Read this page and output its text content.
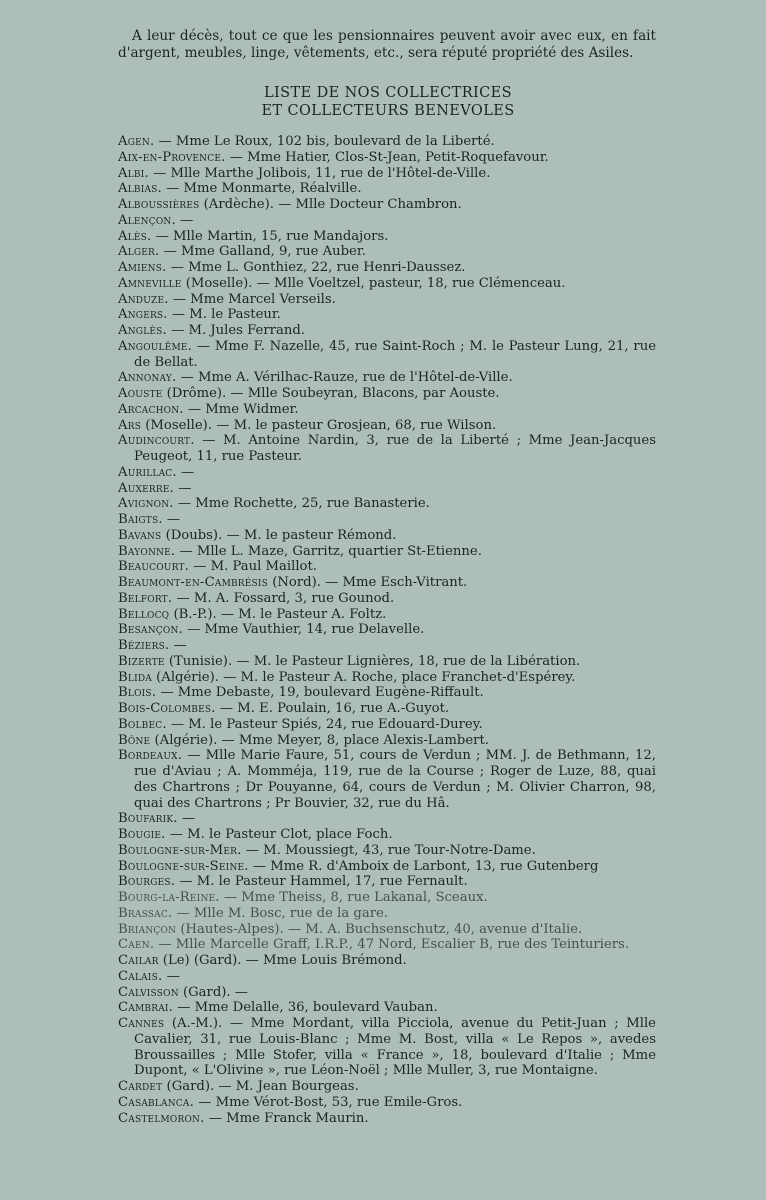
A leur décès, tout ce que les pensionnaires peuvent avoir avec eux, en fait d'argent, meubles, linge, vêtements, etc., sera réputé propriété des Asiles.

LISTE DE NOS COLLECTRICES
ET COLLECTEURS BENEVOLES
Agen. — Mme Le Roux, 102 bis, boulevard de la Liberté.
Aix-en-Provence. — Mme Hatier, Clos-St-Jean, Petit-Roquefavour.
Albi. — Mlle Marthe Jolibois, 11, rue de l'Hôtel-de-Ville.
Albias. — Mme Monmarte, Réalville.
Alboussières (Ardèche). — Mlle Docteur Chambron.
Alençon. —
Alès. — Mlle Martin, 15, rue Mandajors.
Alger. — Mme Galland, 9, rue Auber.
Amiens. — Mme L. Gonthiez, 22, rue Henri-Daussez.
Amneville (Moselle). — Mlle Voeltzel, pasteur, 18, rue Clémenceau.
Anduze. — Mme Marcel Verseils.
Angers. — M. le Pasteur.
Anglès. — M. Jules Ferrand.
Angoulême. — Mme F. Nazelle, 45, rue Saint-Roch ; M. le Pasteur Lung, 21, rue de Bellat.
Annonay. — Mme A. Vérilhac-Rauze, rue de l'Hôtel-de-Ville.
Aouste (Drôme). — Mlle Soubeyran, Blacons, par Aouste.
Arcachon. — Mme Widmer.
Ars (Moselle). — M. le pasteur Grosjean, 68, rue Wilson.
Audincourt. — M. Antoine Nardin, 3, rue de la Liberté ; Mme Jean-Jacques Peugeot, 11, rue Pasteur.
Aurillac. —
Auxerre. —
Avignon. — Mme Rochette, 25, rue Banasterie.
Baigts. —
Bavans (Doubs). — M. le pasteur Rémond.
Bayonne. — Mlle L. Maze, Garritz, quartier St-Etienne.
Beaucourt. — M. Paul Maillot.
Beaumont-en-Cambrésis (Nord). — Mme Esch-Vitrant.
Belfort. — M. A. Fossard, 3, rue Gounod.
Bellocq (B.-P.). — M. le Pasteur A. Foltz.
Besançon. — Mme Vauthier, 14, rue Delavelle.
Béziers. —
Bizerte (Tunisie). — M. le Pasteur Lignières, 18, rue de la Libération.
Blida (Algérie). — M. le Pasteur A. Roche, place Franchet-d'Espérey.
Blois. — Mme Debaste, 19, boulevard Eugène-Riffault.
Bois-Colombes. — M. E. Poulain, 16, rue A.-Guyot.
Bolbec. — M. le Pasteur Spiés, 24, rue Edouard-Durey.
Bône (Algérie). — Mme Meyer, 8, place Alexis-Lambert.
Bordeaux. — Mlle Marie Faure, 51, cours de Verdun ; MM. J. de Bethmann, 12, rue d'Aviau ; A. Momméja, 119, rue de la Course ; Roger de Luze, 88, quai des Chartrons ; Dr Pouyanne, 64, cours de Verdun ; M. Olivier Charron, 98, quai des Chartrons ; Pr Bouvier, 32, rue du Hâ.
Boufarik. —
Bougie. — M. le Pasteur Clot, place Foch.
Boulogne-sur-Mer. — M. Moussiegt, 43, rue Tour-Notre-Dame.
Boulogne-sur-Seine. — Mme R. d'Amboix de Larbont, 13, rue Gutenberg
Bourges. — M. le Pasteur Hammel, 17, rue Fernault.
Bourg-la-Reine. — Mme Theiss, 8, rue Lakanal, Sceaux.
Brassac. — Mlle M. Bosc, rue de la gare.
Briançon (Hautes-Alpes). — M. A. Buchsenschutz, 40, avenue d'Italie.
Caen. — Mlle Marcelle Graff, I.R.P., 47 Nord, Escalier B, rue des Teinturiers.
Cailar (Le) (Gard). — Mme Louis Brémond.
Calais. —
Calvisson (Gard). —
Cambrai. — Mme Delalle, 36, boulevard Vauban.
Cannes (A.-M.). — Mme Mordant, villa Picciola, avenue du Petit-Juan ; Mlle Cavalier, 31, rue Louis-Blanc ; Mme M. Bost, villa « Le Repos », avedes Broussailles ; Mlle Stofer, villa « France », 18, boulevard d'Italie ; Mme Dupont, « L'Olivine », rue Léon-Noël ; Mlle Muller, 3, rue Montaigne.
Cardet (Gard). — M. Jean Bourgeas.
Casablanca. — Mme Vérot-Bost, 53, rue Emile-Gros.
Castelmoron. — Mme Franck Maurin.
